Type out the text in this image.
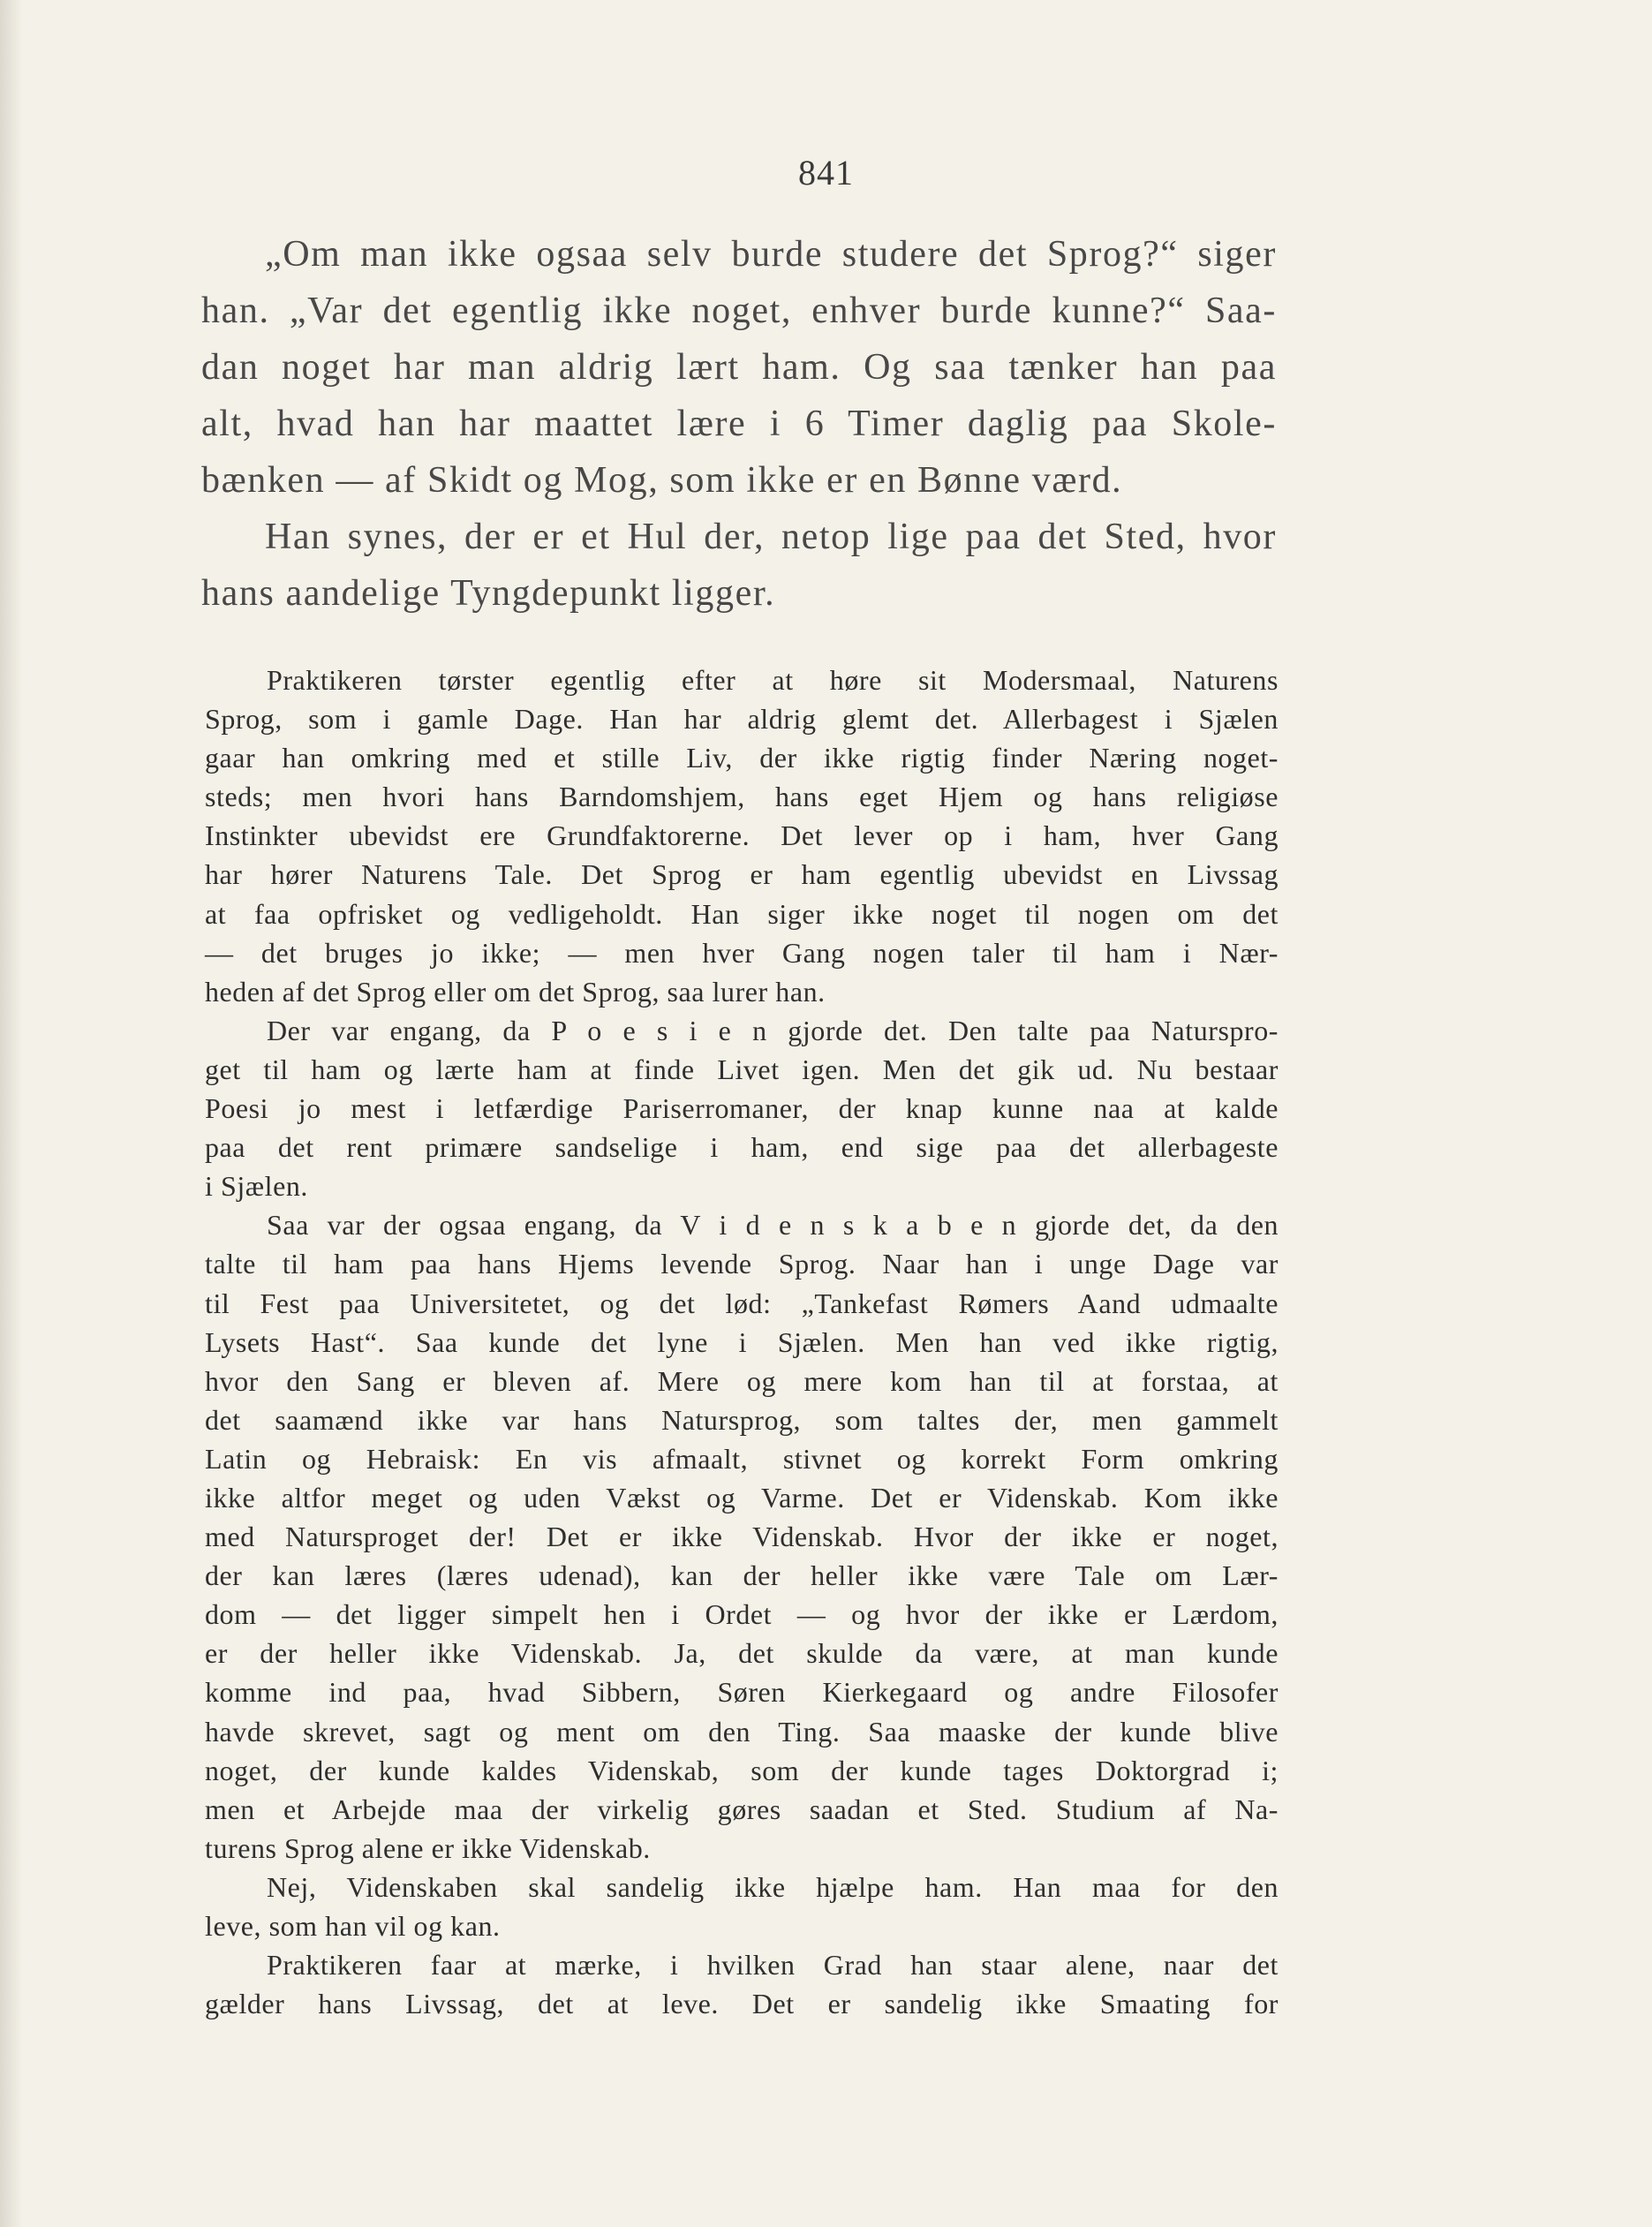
841
„Om man ikke ogsaa selv burde studere det Sprog?“ siger
han. „Var det egentlig ikke noget, enhver burde kunne?“ Saa-
dan noget har man aldrig lært ham. Og saa tænker han paa
alt, hvad han har maattet lære i 6 Timer daglig paa Skole-
bænken — af Skidt og Mog, som ikke er en Bønne værd.
Han synes, der er et Hul der, netop lige paa det Sted, hvor
hans aandelige Tyngdepunkt ligger.
Praktikeren tørster egentlig efter at høre sit Modersmaal, Naturens
Sprog, som i gamle Dage. Han har aldrig glemt det. Allerbagest i Sjælen
gaar han omkring med et stille Liv, der ikke rigtig finder Næring noget-
steds; men hvori hans Barndomshjem, hans eget Hjem og hans religiøse
Instinkter ubevidst ere Grundfaktorerne. Det lever op i ham, hver Gang
har hører Naturens Tale. Det Sprog er ham egentlig ubevidst en Livssag
at faa opfrisket og vedligeholdt. Han siger ikke noget til nogen om det
— det bruges jo ikke; — men hver Gang nogen taler til ham i Nær-
heden af det Sprog eller om det Sprog, saa lurer han.
Der var engang, da P o e s i e n gjorde det. Den talte paa Naturspro-
get til ham og lærte ham at finde Livet igen. Men det gik ud. Nu bestaar
Poesi jo mest i letfærdige Pariserromaner, der knap kunne naa at kalde
paa det rent primære sandselige i ham, end sige paa det allerbageste
i Sjælen.
Saa var der ogsaa engang, da V i d e n s k a b e n gjorde det, da den
talte til ham paa hans Hjems levende Sprog. Naar han i unge Dage var
til Fest paa Universitetet, og det lød: „Tankefast Rømers Aand udmaalte
Lysets Hast“. Saa kunde det lyne i Sjælen. Men han ved ikke rigtig,
hvor den Sang er bleven af. Mere og mere kom han til at forstaa, at
det saamænd ikke var hans Natursprog, som taltes der, men gammelt
Latin og Hebraisk: En vis afmaalt, stivnet og korrekt Form omkring
ikke altfor meget og uden Vækst og Varme. Det er Videnskab. Kom ikke
med Natursproget der! Det er ikke Videnskab. Hvor der ikke er noget,
der kan læres (læres udenad), kan der heller ikke være Tale om Lær-
dom — det ligger simpelt hen i Ordet — og hvor der ikke er Lærdom,
er der heller ikke Videnskab. Ja, det skulde da være, at man kunde
komme ind paa, hvad Sibbern, Søren Kierkegaard og andre Filosofer
havde skrevet, sagt og ment om den Ting. Saa maaske der kunde blive
noget, der kunde kaldes Videnskab, som der kunde tages Doktorgrad i;
men et Arbejde maa der virkelig gøres saadan et Sted. Studium af Na-
turens Sprog alene er ikke Videnskab.
Nej, Videnskaben skal sandelig ikke hjælpe ham. Han maa for den
leve, som han vil og kan.
Praktikeren faar at mærke, i hvilken Grad han staar alene, naar det
gælder hans Livssag, det at leve. Det er sandelig ikke Smaating for
